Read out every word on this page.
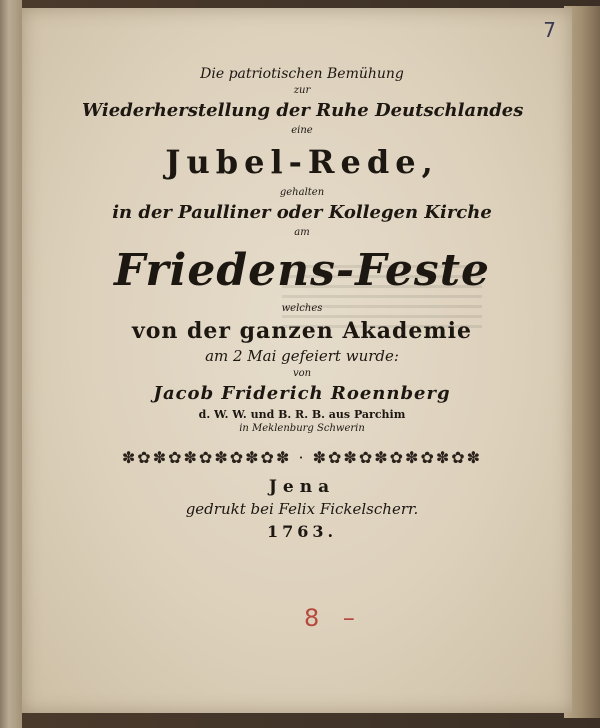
7
Die patriotischen Bemühung
zur
Wiederherstellung der Ruhe Deutschlandes
eine
Jubel-Rede,
gehalten
in der Paulliner oder Kollegen Kirche
am
Friedens-Feste
welches
von der ganzen Akademie
am 2 Mai gefeiert wurde:
von
Jacob Friderich Roennberg
d. W. W. und B. R. B. aus Parchim
in Meklenburg Schwerin
✽✿✽✿✽✿✽✿✽✿✽ · ✽✿✽✿✽✿✽✿✽✿✽
Jena
gedrukt bei Felix Fickelscherr.
1763.
8 –
